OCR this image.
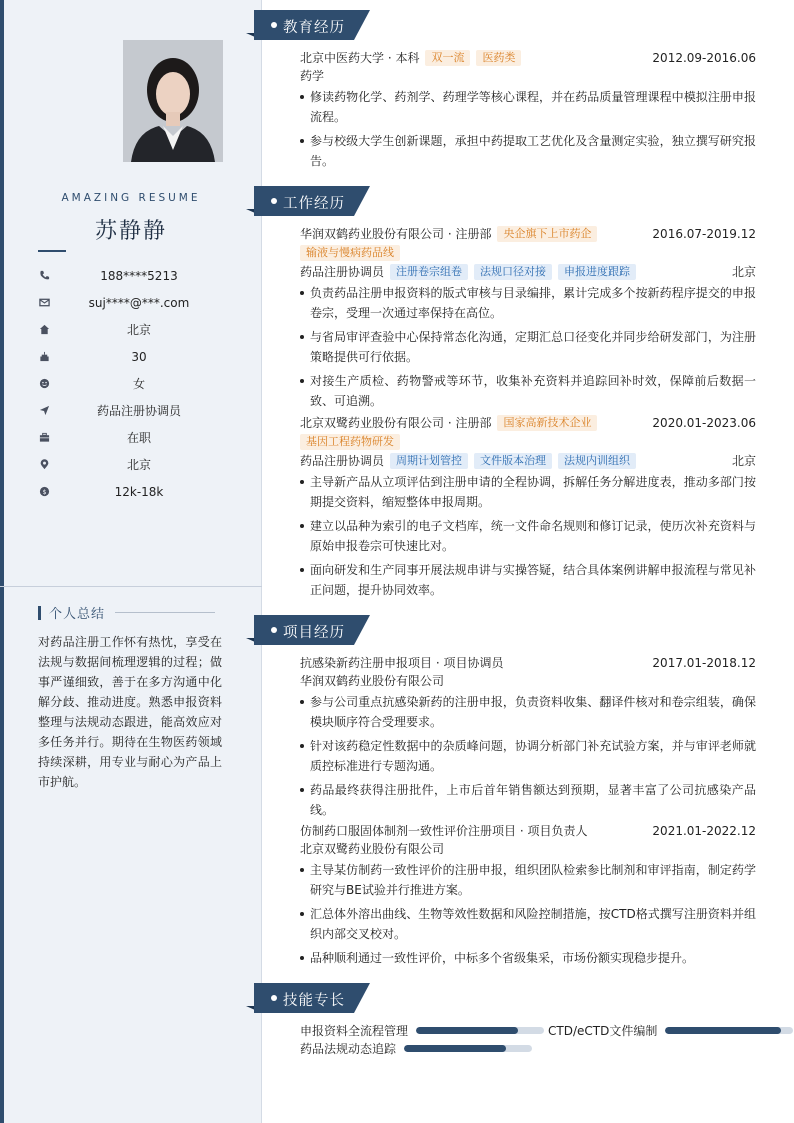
AMAZING RESUME
苏静静
188****5213
suj****@***.com
北京
30
女
药品注册协调员
在职
北京
$	12k-18k
个人总结
对药品注册工作怀有热忱，享受在法规与数据间梳理逻辑的过程；做事严谨细致，善于在多方沟通中化解分歧、推动进度。熟悉申报资料整理与法规动态跟进，能高效应对多任务并行。期待在生物医药领域持续深耕，用专业与耐心为产品上市护航。
教育经历
北京中医药大学 · 本科	双一流	医药类	2012.09-2016.06
药学
修读药物化学、药剂学、药理学等核心课程，并在药品质量管理课程中模拟注册申报流程。
参与校级大学生创新课题，承担中药提取工艺优化及含量测定实验，独立撰写研究报告。
工作经历
华润双鹤药业股份有限公司 · 注册部	央企旗下上市药企
输液与慢病药品线
2016.07-2019.12
药品注册协调员	注册卷宗组卷	法规口径对接	申报进度跟踪	北京
负责药品注册申报资料的版式审核与目录编排，累计完成多个按新药程序提交的申报卷宗，受理一次通过率保持在高位。
与省局审评查验中心保持常态化沟通，定期汇总口径变化并同步给研发部门，为注册策略提供可行依据。
对接生产质检、药物警戒等环节，收集补充资料并追踪回补时效，保障前后数据一致、可追溯。
北京双鹭药业股份有限公司 · 注册部	国家高新技术企业
基因工程药物研发
2020.01-2023.06
药品注册协调员	周期计划管控	文件版本治理	法规内训组织	北京
主导新产品从立项评估到注册申请的全程协调，拆解任务分解进度表，推动多部门按期提交资料，缩短整体申报周期。
建立以品种为索引的电子文档库，统一文件命名规则和修订记录，使历次补充资料与原始申报卷宗可快速比对。
面向研发和生产同事开展法规串讲与实操答疑，结合具体案例讲解申报流程与常见补正问题，提升协同效率。
项目经历
抗感染新药注册申报项目 · 项目协调员	2017.01-2018.12
华润双鹤药业股份有限公司
参与公司重点抗感染新药的注册申报，负责资料收集、翻译件核对和卷宗组装，确保模块顺序符合受理要求。
针对该药稳定性数据中的杂质峰问题，协调分析部门补充试验方案，并与审评老师就质控标准进行专题沟通。
药品最终获得注册批件，上市后首年销售额达到预期，显著丰富了公司抗感染产品线。
仿制药口服固体制剂一致性评价注册项目 · 项目负责人	2021.01-2022.12
北京双鹭药业股份有限公司
主导某仿制药一致性评价的注册申报，组织团队检索参比制剂和审评指南，制定药学研究与BE试验并行推进方案。
汇总体外溶出曲线、生物等效性数据和风险控制措施，按CTD格式撰写注册资料并组织内部交叉校对。
品种顺利通过一致性评价，中标多个省级集采，市场份额实现稳步提升。
技能专长
申报资料全流程管理	CTD/eCTD文件编制
药品法规动态追踪
